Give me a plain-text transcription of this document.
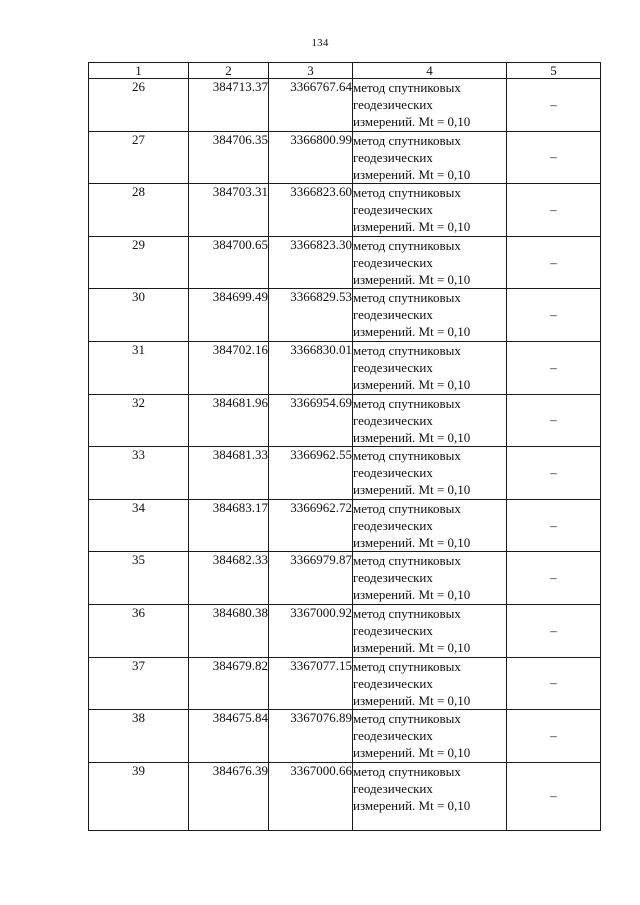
134
1	2	3	4	5
26	384713.37	3366767.64	метод спутниковых
геодезических
измерений. Mt = 0,10	–
27	384706.35	3366800.99	метод спутниковых
геодезических
измерений. Mt = 0,10	–
28	384703.31	3366823.60	метод спутниковых
геодезических
измерений. Mt = 0,10	–
29	384700.65	3366823.30	метод спутниковых
геодезических
измерений. Mt = 0,10	–
30	384699.49	3366829.53	метод спутниковых
геодезических
измерений. Mt = 0,10	–
31	384702.16	3366830.01	метод спутниковых
геодезических
измерений. Mt = 0,10	–
32	384681.96	3366954.69	метод спутниковых
геодезических
измерений. Mt = 0,10	–
33	384681.33	3366962.55	метод спутниковых
геодезических
измерений. Mt = 0,10	–
34	384683.17	3366962.72	метод спутниковых
геодезических
измерений. Mt = 0,10	–
35	384682.33	3366979.87	метод спутниковых
геодезических
измерений. Mt = 0,10	–
36	384680.38	3367000.92	метод спутниковых
геодезических
измерений. Mt = 0,10	–
37	384679.82	3367077.15	метод спутниковых
геодезических
измерений. Mt = 0,10	–
38	384675.84	3367076.89	метод спутниковых
геодезических
измерений. Mt = 0,10	–
39	384676.39	3367000.66	метод спутниковых
геодезических
измерений. Mt = 0,10	–
